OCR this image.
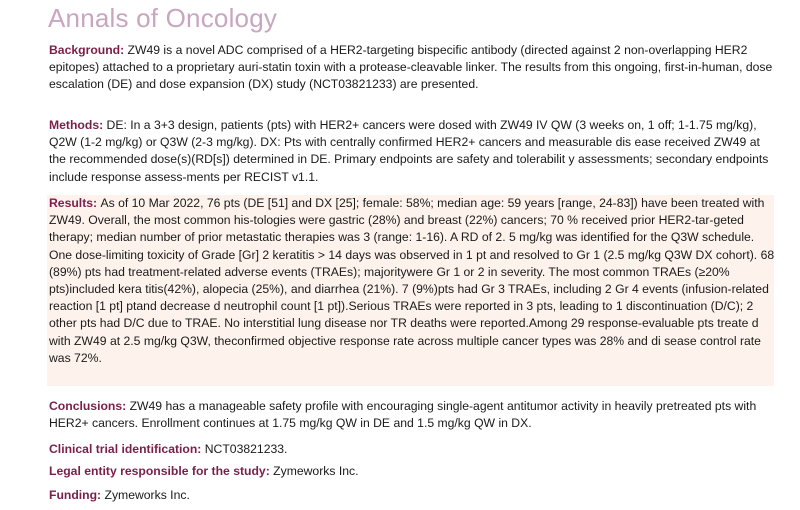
Annals of Oncology
Background: ZW49 is a novel ADC comprised of a HER2-targeting bispecific antibody (directed against 2 non-overlapping HER2 epitopes) attached to a proprietary auri-statin toxin with a protease-cleavable linker. The results from this ongoing, first-in-human, dose escalation (DE) and dose expansion (DX) study (NCT03821233) are presented.
Methods: DE: In a 3+3 design, patients (pts) with HER2+ cancers were dosed with ZW49 IV QW (3 weeks on, 1 off; 1-1.75 mg/kg), Q2W (1-2 mg/kg) or Q3W (2-3 mg/kg). DX: Pts with centrally confirmed HER2+ cancers and measurable dis ease received ZW49 at the recommended dose(s)(RD[s]) determined in DE. Primary endpoints are safety and tolerabilit y assessments; secondary endpoints include response assess-ments per RECIST v1.1.
Results: As of 10 Mar 2022, 76 pts (DE [51] and DX [25]; female: 58%; median age: 59 years [range, 24-83]) have been treated with ZW49. Overall, the most common his-tologies were gastric (28%) and breast (22%) cancers; 70 % received prior HER2-tar-geted therapy; median number of prior metastatic therapies was 3 (range: 1-16). A RD of 2. 5 mg/kg was identified for the Q3W schedule. One dose-limiting toxicity of Grade [Gr] 2 keratitis > 14 days was observed in 1 pt and resolved to Gr 1 (2.5 mg/kg Q3W DX cohort). 68 (89%) pts had treatment-related adverse events (TRAEs); majoritywere Gr 1 or 2 in severity. The most common TRAEs (≥20% pts)included kera titis(42%), alopecia (25%), and diarrhea (21%). 7 (9%)pts had Gr 3 TRAEs, including 2 Gr 4 events (infusion-related reaction [1 pt] ptand decrease d neutrophil count [1 pt]).Serious TRAEs were reported in 3 pts, leading to 1 discontinuation (D/C); 2 other pts had D/C due to TRAE. No interstitial lung disease nor TR deaths were reported.Among 29 response-evaluable pts treate d with ZW49 at 2.5 mg/kg Q3W, theconfirmed objective response rate across multiple cancer types was 28% and di sease control rate was 72%.
Conclusions: ZW49 has a manageable safety profile with encouraging single-agent antitumor activity in heavily pretreated pts with HER2+ cancers. Enrollment continues at 1.75 mg/kg QW in DE and 1.5 mg/kg QW in DX.
Clinical trial identification: NCT03821233.
Legal entity responsible for the study: Zymeworks Inc.
Funding: Zymeworks Inc.
